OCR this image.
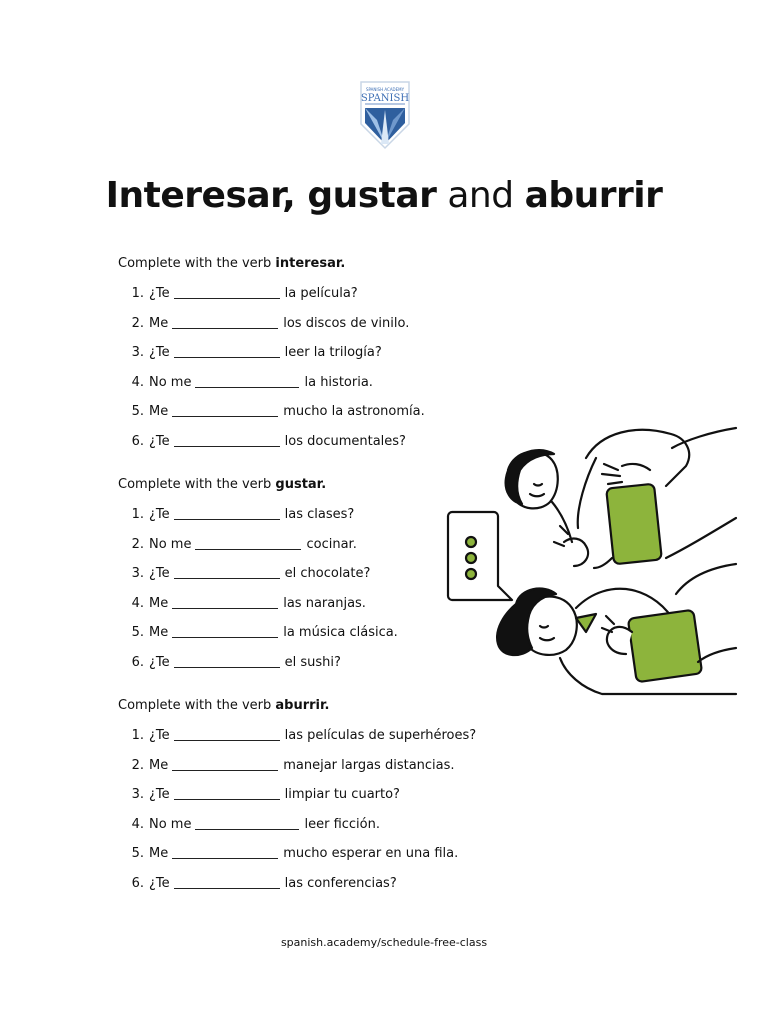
SPANISH ACADEMY
SPANISH
Interesar, gustar and aburrir
Complete with the verb interesar.
1. ¿Te	la película?
2. Me	los discos de vinilo.
3. ¿Te	leer la trilogía?
4. No me	la historia.
5. Me	mucho la astronomía.
6. ¿Te	los documentales?
Complete with the verb gustar.
1. ¿Te	las clases?
2. No me	cocinar.
3. ¿Te	el chocolate?
4. Me	las naranjas.
5. Me	la música clásica.
6. ¿Te	el sushi?
Complete with the verb aburrir.
1. ¿Te	las películas de superhéroes?
2. Me	manejar largas distancias.
3. ¿Te	limpiar tu cuarto?
4. No me	leer ficción.
5. Me	mucho esperar en una fila.
6. ¿Te	las conferencias?
spanish.academy/schedule-free-class
